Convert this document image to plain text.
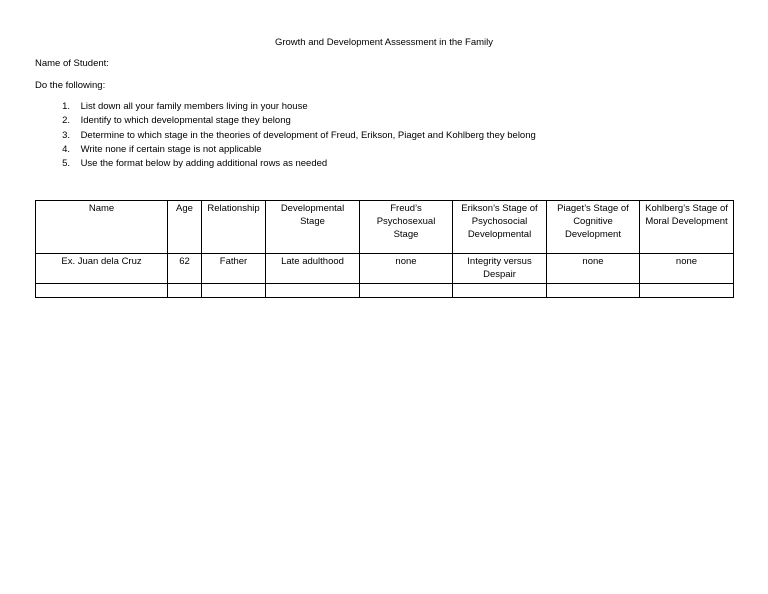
Growth and Development Assessment in the Family
Name of Student:
Do the following:
1. List down all your family members living in your house
2. Identify to which developmental stage they belong
3. Determine to which stage in the theories of development of Freud, Erikson, Piaget and Kohlberg they belong
4. Write none if certain stage is not applicable
5. Use the format below by adding additional rows as needed
Name	Age	Relationship	Developmental Stage	Freud’s Psychosexual Stage	Erikson’s Stage of Psychosocial Developmental	Piaget’s Stage of Cognitive Development	Kohlberg’s Stage of Moral Development
Ex. Juan dela Cruz	62	Father	Late adulthood	none	Integrity versus Despair	none	none
